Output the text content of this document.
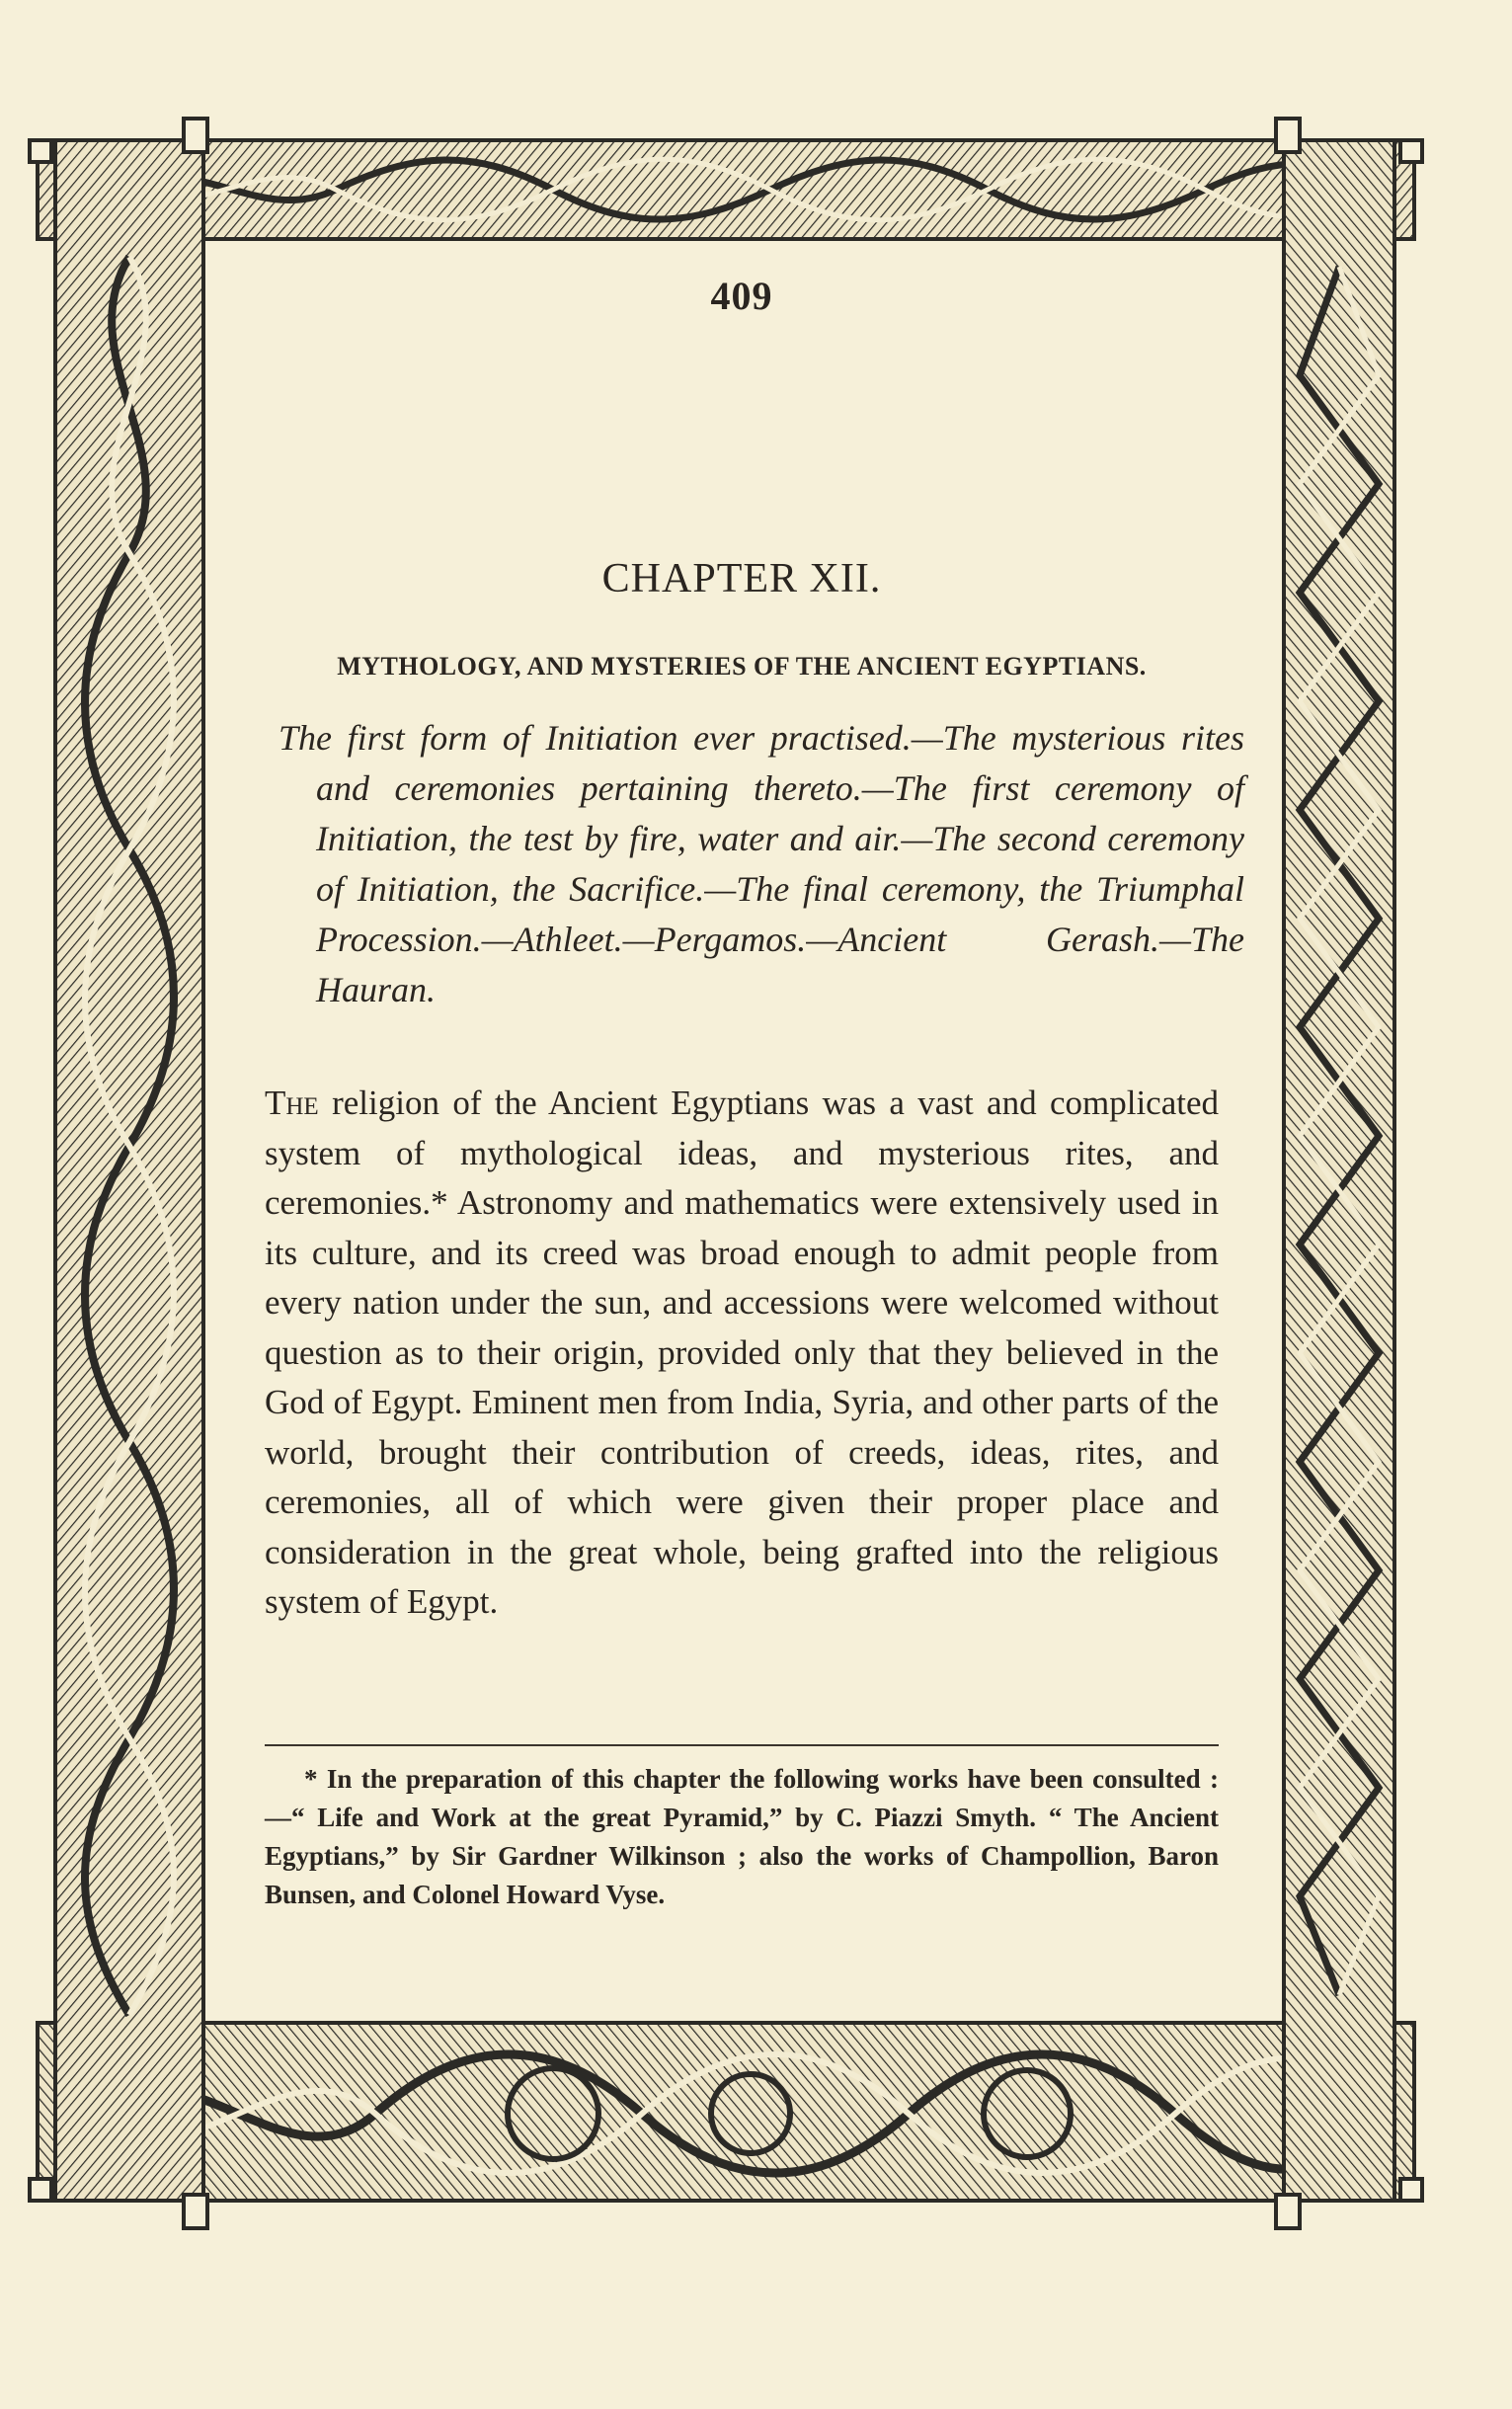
409
CHAPTER XII.
MYTHOLOGY, AND MYSTERIES OF THE ANCIENT EGYPTIANS.
The first form of Initiation ever practised.—The mysterious rites and ceremonies pertaining thereto.—The first ceremony of Initiation, the test by fire, water and air.—The second ceremony of Initiation, the Sacrifice.—The final ceremony, the Triumphal Procession.—Athleet.—Pergamos.—Ancient Gerash.—The Hauran.
The religion of the Ancient Egyptians was a vast and complicated system of mythological ideas, and mysterious rites, and ceremonies.* Astronomy and mathematics were extensively used in its culture, and its creed was broad enough to admit people from every nation under the sun, and accessions were welcomed without question as to their origin, provided only that they believed in the God of Egypt. Eminent men from India, Syria, and other parts of the world, brought their contribution of creeds, ideas, rites, and ceremonies, all of which were given their proper place and consideration in the great whole, being grafted into the religious system of Egypt.
* In the preparation of this chapter the following works have been consulted :—“ Life and Work at the great Pyramid,” by C. Piazzi Smyth. “ The Ancient Egyptians,” by Sir Gardner Wilkinson ; also the works of Champollion, Baron Bunsen, and Colonel Howard Vyse.
